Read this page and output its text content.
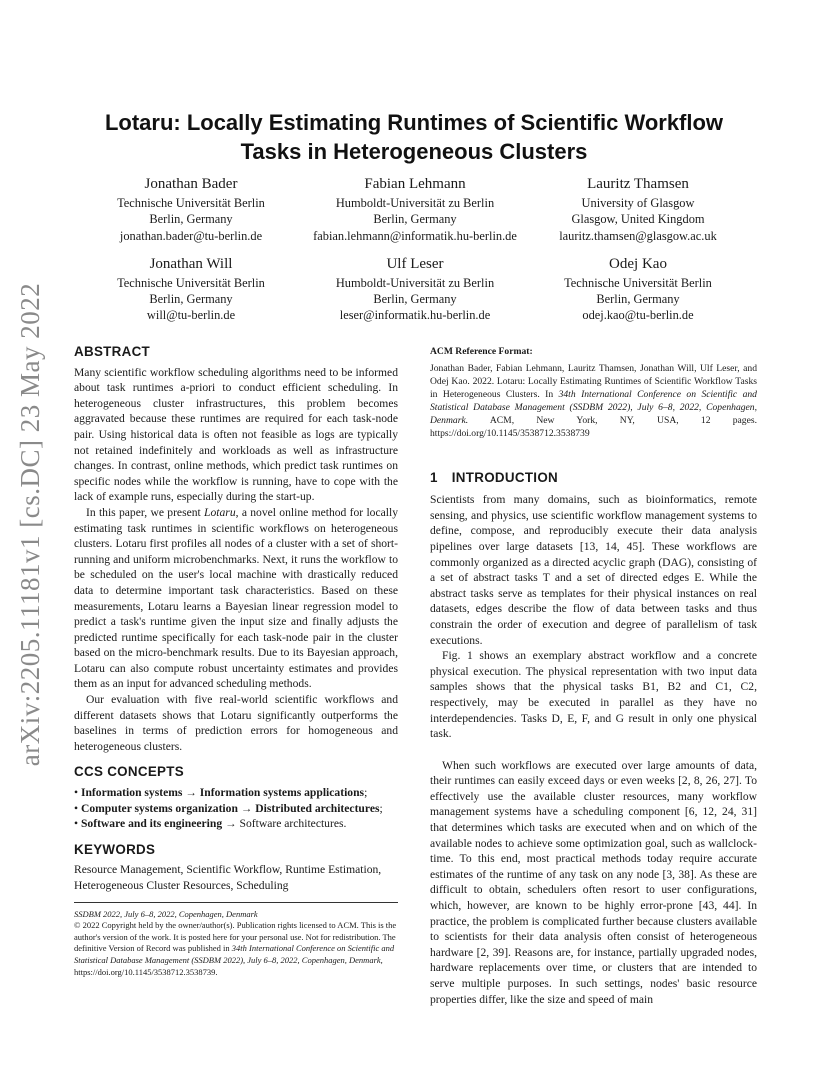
arXiv:2205.11181v1 [cs.DC] 23 May 2022
Lotaru: Locally Estimating Runtimes of Scientific Workflow Tasks in Heterogeneous Clusters
Jonathan Bader
Technische Universität Berlin
Berlin, Germany
jonathan.bader@tu-berlin.de
Fabian Lehmann
Humboldt-Universität zu Berlin
Berlin, Germany
fabian.lehmann@informatik.hu-berlin.de
Lauritz Thamsen
University of Glasgow
Glasgow, United Kingdom
lauritz.thamsen@glasgow.ac.uk
Jonathan Will
Technische Universität Berlin
Berlin, Germany
will@tu-berlin.de
Ulf Leser
Humboldt-Universität zu Berlin
Berlin, Germany
leser@informatik.hu-berlin.de
Odej Kao
Technische Universität Berlin
Berlin, Germany
odej.kao@tu-berlin.de
ABSTRACT

Many scientific workflow scheduling algorithms need to be informed about task runtimes a-priori to conduct efficient scheduling. In heterogeneous cluster infrastructures, this problem becomes aggravated because these runtimes are required for each task-node pair. Using historical data is often not feasible as logs are typically not retained indefinitely and workloads as well as infrastructure changes. In contrast, online methods, which predict task runtimes on specific nodes while the workflow is running, have to cope with the lack of example runs, especially during the start-up.

In this paper, we present Lotaru, a novel online method for locally estimating task runtimes in scientific workflows on heterogeneous clusters. Lotaru first profiles all nodes of a cluster with a set of short-running and uniform microbenchmarks. Next, it runs the workflow to be scheduled on the user's local machine with drastically reduced data to determine important task characteristics. Based on these measurements, Lotaru learns a Bayesian linear regression model to predict a task's runtime given the input size and finally adjusts the predicted runtime specifically for each task-node pair in the cluster based on the micro-benchmark results. Due to its Bayesian approach, Lotaru can also compute robust uncertainty estimates and provides them as an input for advanced scheduling methods.

Our evaluation with five real-world scientific workflows and different datasets shows that Lotaru significantly outperforms the baselines in terms of prediction errors for homogeneous and heterogeneous clusters.

CCS CONCEPTS

• Information systems → Information systems applications;

• Computer systems organization → Distributed architectures;

• Software and its engineering → Software architectures.

KEYWORDS

Resource Management, Scientific Workflow, Runtime Estimation, Heterogeneous Cluster Resources, Scheduling

SSDBM 2022, July 6–8, 2022, Copenhagen, Denmark

© 2022 Copyright held by the owner/author(s). Publication rights licensed to ACM. This is the author's version of the work. It is posted here for your personal use. Not for redistribution. The definitive Version of Record was published in 34th International Conference on Scientific and Statistical Database Management (SSDBM 2022), July 6–8, 2022, Copenhagen, Denmark, https://doi.org/10.1145/3538712.3538739.

ACM Reference Format:

Jonathan Bader, Fabian Lehmann, Lauritz Thamsen, Jonathan Will, Ulf Leser, and Odej Kao. 2022. Lotaru: Locally Estimating Runtimes of Scientific Workflow Tasks in Heterogeneous Clusters. In 34th International Conference on Scientific and Statistical Database Management (SSDBM 2022), July 6–8, 2022, Copenhagen, Denmark. ACM, New York, NY, USA, 12 pages. https://doi.org/10.1145/3538712.3538739

1 INTRODUCTION

Scientists from many domains, such as bioinformatics, remote sensing, and physics, use scientific workflow management systems to define, compose, and reproducibly execute their data analysis pipelines over large datasets [13, 14, 45]. These workflows are commonly organized as a directed acyclic graph (DAG), consisting of a set of abstract tasks T and a set of directed edges E. While the abstract tasks serve as templates for their physical instances on real datasets, edges describe the flow of data between tasks and thus constrain the order of execution and degree of parallelism of task executions.

Fig. 1 shows an exemplary abstract workflow and a concrete physical execution. The physical representation with two input data samples shows that the physical tasks B1, B2 and C1, C2, respectively, may be executed in parallel as they have no interdependencies. Tasks D, E, F, and G result in only one physical task.

When such workflows are executed over large amounts of data, their runtimes can easily exceed days or even weeks [2, 8, 26, 27]. To effectively use the available cluster resources, many workflow management systems have a scheduling component [6, 12, 24, 31] that determines which tasks are executed when and on which of the available nodes to achieve some optimization goal, such as wallclock-time. To this end, most practical methods today require accurate estimates of the runtime of any task on any node [3, 38]. As these are difficult to obtain, schedulers often resort to user configurations, which, however, are known to be highly error-prone [43, 44]. In practice, the problem is complicated further because clusters available to scientists for their data analysis often consist of heterogeneous hardware [2, 39]. Reasons are, for instance, partially upgraded nodes, hardware replacements over time, or clusters that are intended to serve multiple purposes. In such settings, nodes' basic resource properties differ, like the size and speed of main
